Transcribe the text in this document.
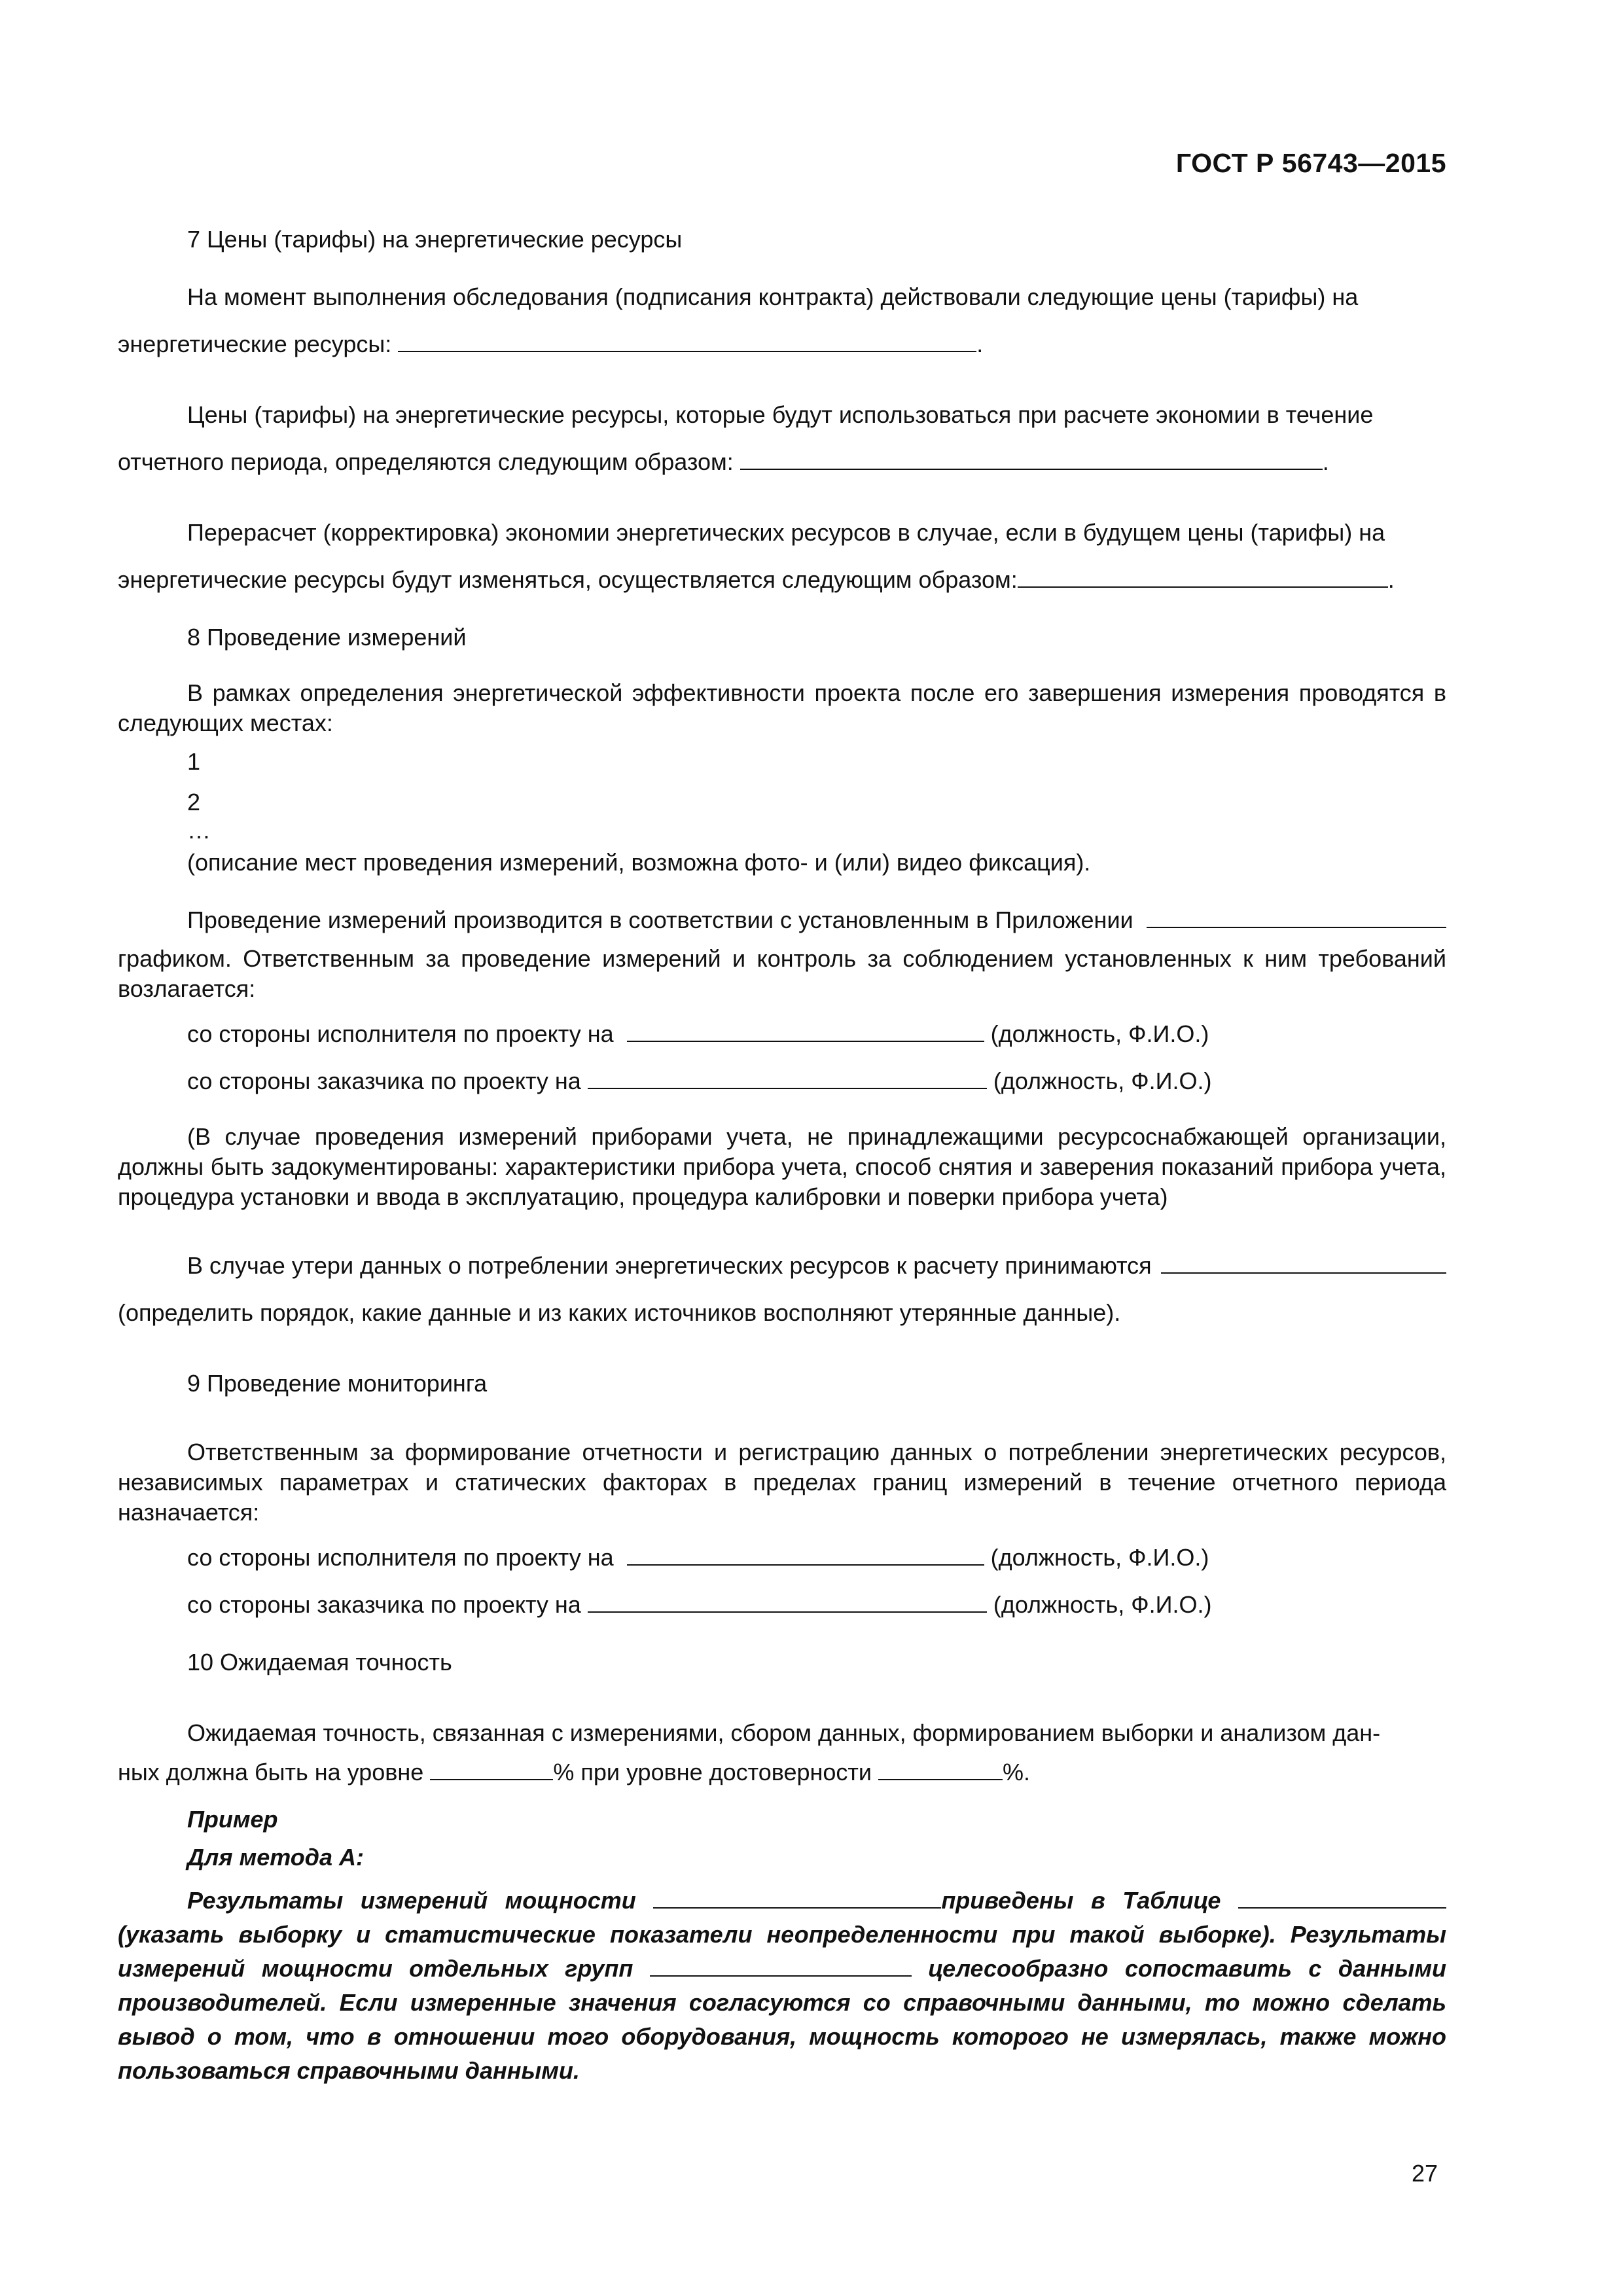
ГОСТ Р 56743—2015

7 Цены (тарифы) на энергетические ресурсы

На момент выполнения обследования (подписания контракта) действовали следующие цены (тарифы) на

энергетические ресурсы:	.

Цены (тарифы) на энергетические ресурсы, которые будут использоваться при расчете экономии в течение

отчетного периода, определяются следующим образом:	.

Перерасчет (корректировка) экономии энергетических ресурсов в случае, если в будущем цены (тарифы) на

энергетические ресурсы будут изменяться, осуществляется следующим образом:	.

8 Проведение измерений

В рамках определения энергетической эффективности проекта после его завершения измерения проводятся в следующих местах:

1

2

…

(описание мест проведения измерений, возможна фото- и (или) видео фиксация).

Проведение измерений производится в соответствии с установленным в Приложении

графиком. Ответственным за проведение измерений и контроль за соблюдением установленных к ним требований возлагается:

со стороны исполнителя по проекту на	(должность, Ф.И.О.)

со стороны заказчика по проекту на	(должность, Ф.И.О.)

(В случае проведения измерений приборами учета, не принадлежащими ресурсоснабжающей организации, должны быть задокументированы: характеристики прибора учета, способ снятия и заверения показаний прибора учета, процедура установки и ввода в эксплуатацию, процедура калибровки и поверки прибора учета)

В случае утери данных о потреблении энергетических ресурсов к расчету принимаются

(определить порядок, какие данные и из каких источников восполняют утерянные данные).

9 Проведение мониторинга

Ответственным за формирование отчетности и регистрацию данных о потреблении энергетических ресурсов, независимых параметрах и статических факторах в пределах границ измерений в течение отчетного периода назначается:

со стороны исполнителя по проекту на	(должность, Ф.И.О.)

со стороны заказчика по проекту на	(должность, Ф.И.О.)

10 Ожидаемая точность

Ожидаемая точность, связанная с измерениями, сбором данных, формированием выборки и анализом дан-

ных должна быть на уровне	% при уровне достоверности	%.

Пример

Для метода А:

Результаты измерений мощности	приведены в Таблице  (указать выборку и статистические показатели неопределенности при такой выборке). Результаты измерений мощности отдельных групп	целесообразно сопоставить с данными производителей. Если измеренные значения согласуются со справочными данными, то можно сделать вывод о том, что в отношении того оборудования, мощность которого не измерялась, также можно пользоваться справочными данными.

27
